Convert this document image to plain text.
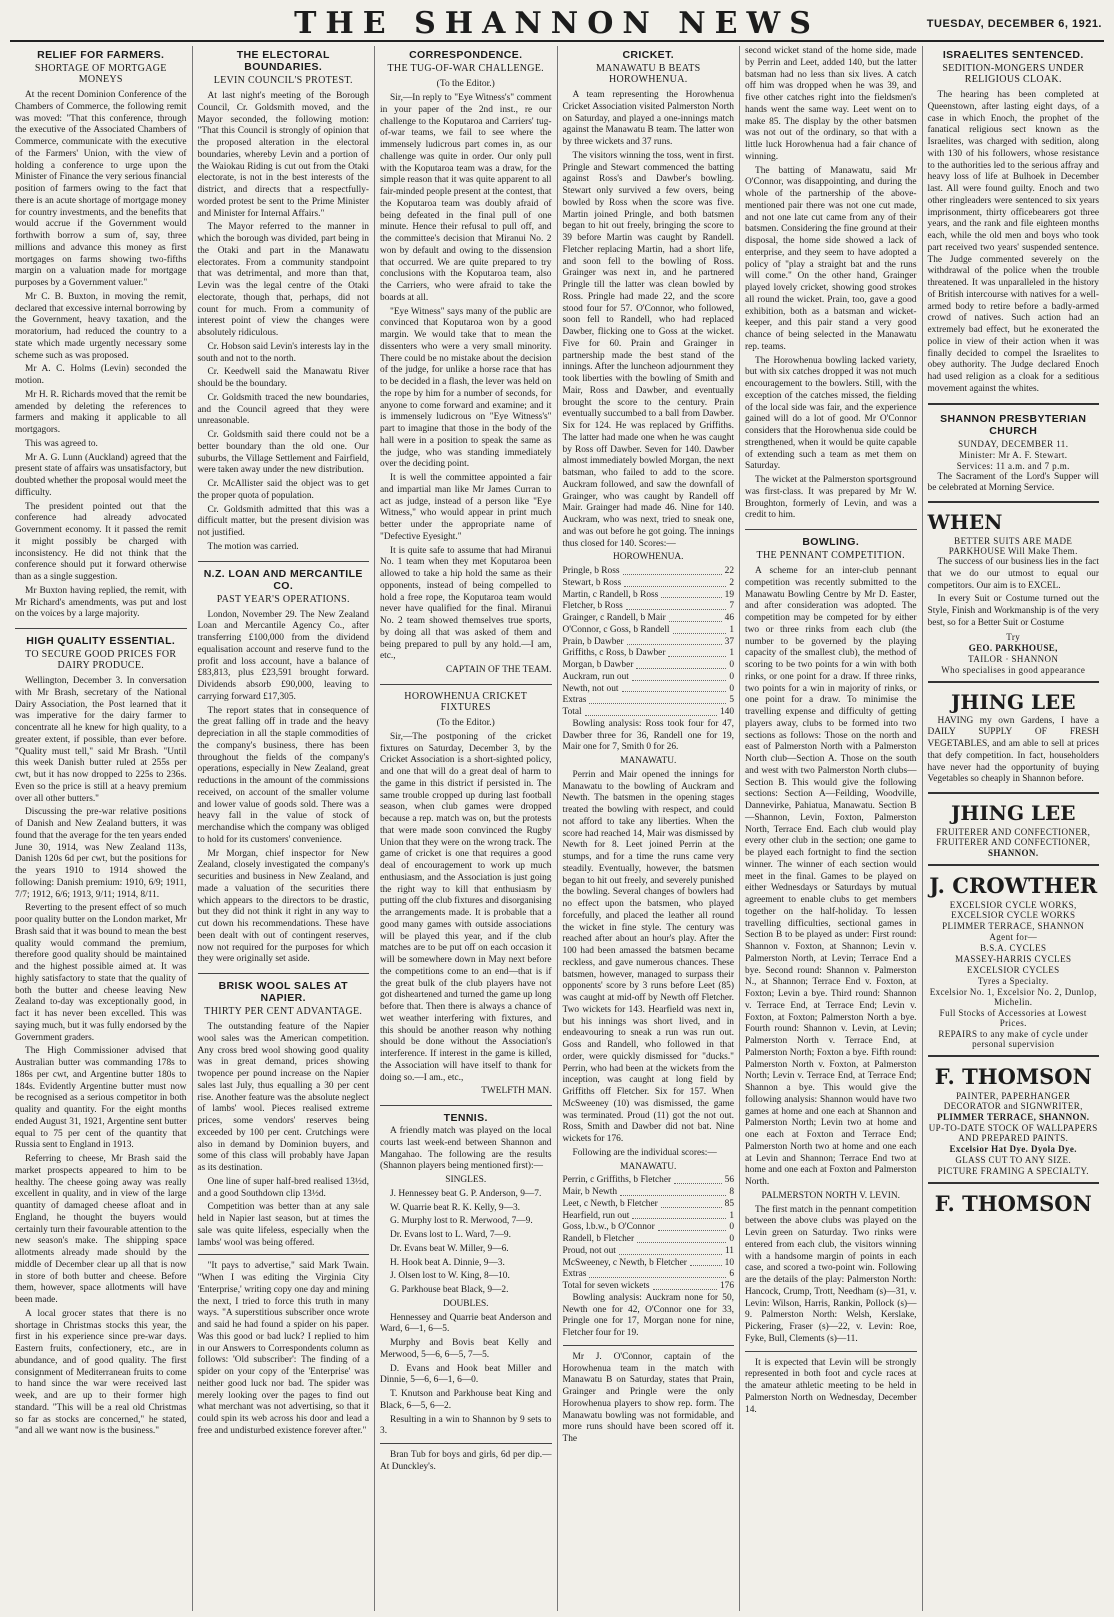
THE SHANNON NEWS	TUESDAY, DECEMBER 6, 1921.
RELIEF FOR FARMERS.
SHORTAGE OF MORTGAGE MONEYS

At the recent Dominion Conference of the Chambers of Commerce, the following remit was moved: "That this conference, through the executive of the Associated Chambers of Commerce, communicate with the executive of the Farmers' Union, with the view of holding a conference to urge upon the Minister of Finance the very serious financial position of farmers owing to the fact that there is an acute shortage of mortgage money for country investments, and the benefits that would accrue if the Government would forthwith borrow a sum of, say, three millions and advance this money as first mortgages on farms showing two-fifths margin on a valuation made for mortgage purposes by a Government valuer."

Mr C. B. Buxton, in moving the remit, declared that excessive internal borrowing by the Government, heavy taxation, and the moratorium, had reduced the country to a state which made urgently necessary some scheme such as was proposed.

Mr A. C. Holms (Levin) seconded the motion.

Mr H. R. Richards moved that the remit be amended by deleting the references to farmers and making it applicable to all mortgagors.

This was agreed to.

Mr A. G. Lunn (Auckland) agreed that the present state of affairs was unsatisfactory, but doubted whether the proposal would meet the difficulty.

The president pointed out that the conference had already advocated Government economy. It it passed the remit it might possibly be charged with inconsistency. He did not think that the conference should put it forward otherwise than as a single suggestion.

Mr Buxton having replied, the remit, with Mr Richard's amendments, was put and lost on the voices by a large majority.

HIGH QUALITY ESSENTIAL.
TO SECURE GOOD PRICES FOR DAIRY PRODUCE.

Wellington, December 3. In conversation with Mr Brash, secretary of the National Dairy Association, the Post learned that it was imperative for the dairy farmer to concentrate all he knew for high quality, to a greater extent, if possible, than ever before. "Quality must tell," said Mr Brash. "Until this week Danish butter ruled at 255s per cwt, but it has now dropped to 225s to 236s. Even so the price is still at a heavy premium over all other butters."

Discussing the pre-war relative positions of Danish and New Zealand butters, it was found that the average for the ten years ended June 30, 1914, was New Zealand 113s, Danish 120s 6d per cwt, but the positions for the years 1910 to 1914 showed the following: Danish premium: 1910, 6/9; 1911, 7/7; 1912, 6/6; 1913, 9/11; 1914, 8/11.

Reverting to the present effect of so much poor quality butter on the London market, Mr Brash said that it was bound to mean the best quality would command the premium, therefore good quality should be maintained and the highest possible aimed at. It was highly satisfactory to state that the quality of both the butter and cheese leaving New Zealand to-day was exceptionally good, in fact it has never been excelled. This was saying much, but it was fully endorsed by the Government graders.

The High Commissioner advised that Australian butter was commanding 178s to 186s per cwt, and Argentine butter 180s to 184s. Evidently Argentine butter must now be recognised as a serious competitor in both quality and quantity. For the eight months ended August 31, 1921, Argentine sent butter equal to 75 per cent of the quantity that Russia sent to England in 1913.

Referring to cheese, Mr Brash said the market prospects appeared to him to be healthy. The cheese going away was really excellent in quality, and in view of the large quantity of damaged cheese afloat and in England, he thought the buyers would certainly turn their favourable attention to the new season's make. The shipping space allotments already made should by the middle of December clear up all that is now in store of both butter and cheese. Before them, however, space allotments will have been made.

A local grocer states that there is no shortage in Christmas stocks this year, the first in his experience since pre-war days. Eastern fruits, confectionery, etc., are in abundance, and of good quality. The first consignment of Mediterranean fruits to come to hand since the war were received last week, and are up to their former high standard. "This will be a real old Christmas so far as stocks are concerned," he stated, "and all we want now is the business."

THE ELECTORAL BOUNDARIES.
LEVIN COUNCIL'S PROTEST.

At last night's meeting of the Borough Council, Cr. Goldsmith moved, and the Mayor seconded, the following motion: "That this Council is strongly of opinion that the proposed alteration in the electoral boundaries, whereby Levin and a portion of the Waiokau Riding is cut out from the Otaki electorate, is not in the best interests of the district, and directs that a respectfully-worded protest be sent to the Prime Minister and Minister for Internal Affairs."

The Mayor referred to the manner in which the borough was divided, part being in the Otaki and part in the Manawatu electorates. From a community standpoint that was detrimental, and more than that, Levin was the legal centre of the Otaki electorate, though that, perhaps, did not count for much. From a community of interest point of view the changes were absolutely ridiculous.

Cr. Hobson said Levin's interests lay in the south and not to the north.

Cr. Keedwell said the Manawatu River should be the boundary.

Cr. Goldsmith traced the new boundaries, and the Council agreed that they were unreasonable.

Cr. Goldsmith said there could not be a better boundary than the old one. Our suburbs, the Village Settlement and Fairfield, were taken away under the new distribution.

Cr. McAllister said the object was to get the proper quota of population.

Cr. Goldsmith admitted that this was a difficult matter, but the present division was not justified.

The motion was carried.

N.Z. LOAN AND MERCANTILE CO.
PAST YEAR'S OPERATIONS.

London, November 29. The New Zealand Loan and Mercantile Agency Co., after transferring £100,000 from the dividend equalisation account and reserve fund to the profit and loss account, have a balance of £83,813, plus £23,591 brought forward. Dividends absorb £90,000, leaving to carrying forward £17,305.

The report states that in consequence of the great falling off in trade and the heavy depreciation in all the staple commodities of the company's business, there has been throughout the fields of the company's operations, especially in New Zealand, great reductions in the amount of the commissions received, on account of the smaller volume and lower value of goods sold. There was a heavy fall in the value of stock of merchandise which the company was obliged to hold for its customers' convenience.

Mr Morgan, chief inspector for New Zealand, closely investigated the company's securities and business in New Zealand, and made a valuation of the securities there which appears to the directors to be drastic, but they did not think it right in any way to cut down his recommendations. These have been dealt with out of contingent reserves, now not required for the purposes for which they were originally set aside.

BRISK WOOL SALES AT NAPIER.
THIRTY PER CENT ADVANTAGE.

The outstanding feature of the Napier wool sales was the American competition. Any cross bred wool showing good quality was in great demand, prices showing twopence per pound increase on the Napier sales last July, thus equalling a 30 per cent rise. Another feature was the absolute neglect of lambs' wool. Pieces realised extreme prices, some vendors' reserves being exceeded by 100 per cent. Crutchings were also in demand by Dominion buyers, and some of this class will probably have Japan as its destination.

One line of super half-bred realised 13½d, and a good Southdown clip 13½d.

Competition was better than at any sale held in Napier last season, but at times the sale was quite lifeless, especially when the lambs' wool was being offered.

"It pays to advertise," said Mark Twain. "When I was editing the Virginia City 'Enterprise,' writing copy one day and mining the next, I tried to force this truth in many ways. "A superstitious subscriber once wrote and said he had found a spider on his paper. Was this good or bad luck? I replied to him in our Answers to Correspondents column as follows: 'Old subscriber': The finding of a spider on your copy of the 'Enterprise' was neither good luck nor bad. The spider was merely looking over the pages to find out what merchant was not advertising, so that it could spin its web across his door and lead a free and undisturbed existence forever after."

CORRESPONDENCE.
THE TUG-OF-WAR CHALLENGE.
(To the Editor.)

Sir,—In reply to "Eye Witness's" comment in your paper of the 2nd inst., re our challenge to the Koputaroa and Carriers' tug-of-war teams, we fail to see where the immensely ludicrous part comes in, as our challenge was quite in order. Our only pull with the Koputaroa team was a draw, for the simple reason that it was quite apparent to all fair-minded people present at the contest, that the Koputaroa team was doubly afraid of being defeated in the final pull of one minute. Hence their refusal to pull off, and the committee's decision that Miranui No. 2 won by default and owing to the dissension that occurred. We are quite prepared to try conclusions with the Koputaroa team, also the Carriers, who were afraid to take the boards at all.

"Eye Witness" says many of the public are convinced that Koputaroa won by a good margin. We would take that to mean the dissenters who were a very small minority. There could be no mistake about the decision of the judge, for unlike a horse race that has to be decided in a flash, the lever was held on the rope by him for a number of seconds, for anyone to come forward and examine; and it is immensely ludicrous on "Eye Witness's" part to imagine that those in the body of the hall were in a position to speak the same as the judge, who was standing immediately over the deciding point.

It is well the committee appointed a fair and impartial man like Mr James Curran to act as judge, instead of a person like "Eye Witness," who would appear in print much better under the appropriate name of "Defective Eyesight."

It is quite safe to assume that had Miranui No. 1 team when they met Koputaroa been allowed to take a hip hold the same as their opponents, instead of being compelled to hold a free rope, the Koputaroa team would never have qualified for the final. Miranui No. 2 team showed themselves true sports, by doing all that was asked of them and being prepared to pull by any hold.—I am, etc.,

CAPTAIN OF THE TEAM.

HOROWHENUA CRICKET FIXTURES
(To the Editor.)

Sir,—The postponing of the cricket fixtures on Saturday, December 3, by the Cricket Association is a short-sighted policy, and one that will do a great deal of harm to the game in this district if persisted in. The same trouble cropped up during last football season, when club games were dropped because a rep. match was on, but the protests that were made soon convinced the Rugby Union that they were on the wrong track. The game of cricket is one that requires a good deal of encouragement to work up much enthusiasm, and the Association is just going the right way to kill that enthusiasm by putting off the club fixtures and disorganising the arrangements made. It is probable that a good many games with outside associations will be played this year, and if the club matches are to be put off on each occasion it will be somewhere down in May next before the competitions come to an end—that is if the great bulk of the club players have not got disheartened and turned the game up long before that. Then there is always a chance of wet weather interfering with fixtures, and this should be another reason why nothing should be done without the Association's interference. If interest in the game is killed, the Association will have itself to thank for doing so.—I am., etc.,

TWELFTH MAN.

TENNIS.

A friendly match was played on the local courts last week-end between Shannon and Mangahao. The following are the results (Shannon players being mentioned first):—

SINGLES.

J. Hennessey beat G. P. Anderson, 9—7.

W. Quarrie beat R. K. Kelly, 9—3.

G. Murphy lost to R. Merwood, 7—9.

Dr. Evans lost to L. Ward, 7—9.

Dr. Evans beat W. Miller, 9—6.

H. Hook beat A. Dinnie, 9—3.

J. Olsen lost to W. King, 8—10.

G. Parkhouse beat Black, 9—2.

DOUBLES.

Hennessey and Quarrie beat Anderson and Ward, 6—1, 6—5.

Murphy and Bovis beat Kelly and Merwood, 5—6, 6—5, 7—5.

D. Evans and Hook beat Miller and Dinnie, 5—6, 6—1, 6—0.

T. Knutson and Parkhouse beat King and Black, 6—5, 6—2.

Resulting in a win to Shannon by 9 sets to 3.

Bran Tub for boys and girls, 6d per dip.—At Dunckley's.

CRICKET.
MANAWATU B BEATS HOROWHENUA.

A team representing the Horowhenua Cricket Association visited Palmerston North on Saturday, and played a one-innings match against the Manawatu B team. The latter won by three wickets and 37 runs.

The visitors winning the toss, went in first. Pringle and Stewart commenced the batting against Ross's and Dawber's bowling. Stewart only survived a few overs, being bowled by Ross when the score was five. Martin joined Pringle, and both batsmen began to hit out freely, bringing the score to 39 before Martin was caught by Randell. Fletcher replacing Martin, had a short life, and soon fell to the bowling of Ross. Grainger was next in, and he partnered Pringle till the latter was clean bowled by Ross. Pringle had made 22, and the score stood four for 57. O'Connor, who followed, soon fell to Randell, who had replaced Dawber, flicking one to Goss at the wicket. Five for 60. Prain and Grainger in partnership made the best stand of the innings. After the luncheon adjournment they took liberties with the bowling of Smith and Mair, Ross and Dawber, and eventually brought the score to the century. Prain eventually succumbed to a ball from Dawber. Six for 124. He was replaced by Griffiths. The latter had made one when he was caught by Ross off Dawber. Seven for 140. Dawber almost immediately bowled Morgan, the next batsman, who failed to add to the score. Auckram followed, and saw the downfall of Grainger, who was caught by Randell off Mair. Grainger had made 46. Nine for 140. Auckram, who was next, tried to sneak one, and was out before he got going. The innings thus closed for 140. Scores:—

HOROWHENUA.

Pringle, b Ross	22
Stewart, b Ross	2
Martin, c Randell, b Ross	19
Fletcher, b Ross	7
Grainger, c Randell, b Mair	46
O'Connor, c Goss, b Randell	1
Prain, b Dawber	37
Griffiths, c Ross, b Dawber	1
Morgan, b Dawber	0
Auckram, run out	0
Newth, not out	0
Extras	5
Total	140

Bowling analysis: Ross took four for 47, Dawber three for 36, Randell one for 19, Mair one for 7, Smith 0 for 26.

MANAWATU.

Perrin and Mair opened the innings for Manawatu to the bowling of Auckram and Newth. The batsmen in the opening stages treated the bowling with respect, and could not afford to take any liberties. When the score had reached 14, Mair was dismissed by Newth for 8. Leet joined Perrin at the stumps, and for a time the runs came very steadily. Eventually, however, the batsmen began to hit out freely, and severely punished the bowling. Several changes of bowlers had no effect upon the batsmen, who played forcefully, and placed the leather all round the wicket in fine style. The century was reached after about an hour's play. After the 100 had been amassed the batsmen became reckless, and gave numerous chances. These batsmen, however, managed to surpass their opponents' score by 3 runs before Leet (85) was caught at mid-off by Newth off Fletcher. Two wickets for 143. Hearfield was next in, but his innings was short lived, and in endeavouring to sneak a run was run out. Goss and Randell, who followed in that order, were quickly dismissed for "ducks." Perrin, who had been at the wickets from the inception, was caught at long field by Griffiths off Fletcher. Six for 157. When McSweeney (10) was dismissed, the game was terminated. Proud (11) got the not out. Ross, Smith and Dawber did not bat. Nine wickets for 176.

Following are the individual scores:—

MANAWATU.

Perrin, c Griffiths, b Fletcher	56
Mair, b Newth	8
Leet, c Newth, b Fletcher	85
Hearfield, run out	1
Goss, l.b.w., b O'Connor	0
Randell, b Fletcher	0
Proud, not out	11
McSweeney, c Newth, b Fletcher	10
Extras	6
Total for seven wickets	176

Bowling analysis: Auckram none for 50, Newth one for 42, O'Connor one for 33, Pringle one for 17, Morgan none for nine, Fletcher four for 19.

Mr J. O'Connor, captain of the Horowhenua team in the match with Manawatu B on Saturday, states that Prain, Grainger and Pringle were the only Horowhenua players to show rep. form. The Manawatu bowling was not formidable, and more runs should have been scored off it. The

second wicket stand of the home side, made by Perrin and Leet, added 140, but the latter batsman had no less than six lives. A catch off him was dropped when he was 39, and five other catches right into the fieldsmen's hands went the same way. Leet went on to make 85. The display by the other batsmen was not out of the ordinary, so that with a little luck Horowhenua had a fair chance of winning.

The batting of Manawatu, said Mr O'Connor, was disappointing, and during the whole of the partnership of the above-mentioned pair there was not one cut made, and not one late cut came from any of their batsmen. Considering the fine ground at their disposal, the home side showed a lack of enterprise, and they seem to have adopted a policy of "play a straight bat and the runs will come." On the other hand, Grainger played lovely cricket, showing good strokes all round the wicket. Prain, too, gave a good exhibition, both as a batsman and wicket-keeper, and this pair stand a very good chance of being selected in the Manawatu rep. teams.

The Horowhenua bowling lacked variety, but with six catches dropped it was not much encouragement to the bowlers. Still, with the exception of the catches missed, the fielding of the local side was fair, and the experience gained will do a lot of good. Mr O'Connor considers that the Horowhenua side could be strengthened, when it would be quite capable of extending such a team as met them on Saturday.

The wicket at the Palmerston sportsground was first-class. It was prepared by Mr W. Broughton, formerly of Levin, and was a credit to him.

BOWLING.
THE PENNANT COMPETITION.

A scheme for an inter-club pennant competition was recently submitted to the Manawatu Bowling Centre by Mr D. Easter, and after consideration was adopted. The competition may be competed for by either two or three rinks from each club (the number to be governed by the playing capacity of the smallest club), the method of scoring to be two points for a win with both rinks, or one point for a draw. If three rinks, two points for a win in majority of rinks, or one point for a draw. To minimise the travelling expense and difficulty of getting players away, clubs to be formed into two sections as follows: Those on the north and east of Palmerston North with a Palmerston North club—Section A. Those on the south and west with two Palmerston North clubs—Section B. This would give the following sections: Section A—Feilding, Woodville, Dannevirke, Pahiatua, Manawatu. Section B—Shannon, Levin, Foxton, Palmerston North, Terrace End. Each club would play every other club in the section; one game to be played each fortnight to find the section winner. The winner of each section would meet in the final. Games to be played on either Wednesdays or Saturdays by mutual agreement to enable clubs to get members together on the half-holiday. To lessen travelling difficulties, sectional games in Section B to be played as under: First round: Shannon v. Foxton, at Shannon; Levin v. Palmerston North, at Levin; Terrace End a bye. Second round: Shannon v. Palmerston N., at Shannon; Terrace End v. Foxton, at Foxton; Levin a bye. Third round: Shannon v. Terrace End, at Terrace End; Levin v. Foxton, at Foxton; Palmerston North a bye. Fourth round: Shannon v. Levin, at Levin; Palmerston North v. Terrace End, at Palmerston North; Foxton a bye. Fifth round: Palmerston North v. Foxton, at Palmerston North; Levin v. Terrace End, at Terrace End; Shannon a bye. This would give the following analysis: Shannon would have two games at home and one each at Shannon and Palmerston North; Levin two at home and one each at Foxton and Terrace End; Palmerston North two at home and one each at Levin and Shannon; Terrace End two at home and one each at Foxton and Palmerston North.

PALMERSTON NORTH V. LEVIN.

The first match in the pennant competition between the above clubs was played on the Levin green on Saturday. Two rinks were entered from each club, the visitors winning with a handsome margin of points in each case, and scored a two-point win. Following are the details of the play: Palmerston North: Hancock, Crump, Trott, Needham (s)—31, v. Levin: Wilson, Harris, Rankin, Pollock (s)—9. Palmerston North: Welsh, Kerslake, Pickering, Fraser (s)—22, v. Levin: Roe, Fyke, Bull, Clements (s)—11.

It is expected that Levin will be strongly represented in both foot and cycle races at the amateur athletic meeting to be held in Palmerston North on Wednesday, December 14.

ISRAELITES SENTENCED.
SEDITION-MONGERS UNDER RELIGIOUS CLOAK.

The hearing has been completed at Queenstown, after lasting eight days, of a case in which Enoch, the prophet of the fanatical religious sect known as the Israelites, was charged with sedition, along with 130 of his followers, whose resistance to the authorities led to the serious affray and heavy loss of life at Bulhoek in December last. All were found guilty. Enoch and two other ringleaders were sentenced to six years imprisonment, thirty officebearers got three years, and the rank and file eighteen months each, while the old men and boys who took part received two years' suspended sentence. The Judge commented severely on the withdrawal of the police when the trouble threatened. It was unparalleled in the history of British intercourse with natives for a well-armed body to retire before a badly-armed crowd of natives. Such action had an extremely bad effect, but he exonerated the police in view of their action when it was finally decided to compel the Israelites to obey authority. The Judge declared Enoch had used religion as a cloak for a seditious movement against the whites.

SHANNON PRESBYTERIAN CHURCH
SUNDAY, DECEMBER 11.
Minister: Mr A. F. Stewart.
Services: 11 a.m. and 7 p.m.

The Sacrament of the Lord's Supper will be celebrated at Morning Service.

WHEN
BETTER SUITS ARE MADE PARKHOUSE Will Make Them.

The success of our business lies in the fact that we do our utmost to equal our competitors. Our aim is to EXCEL.

In every Suit or Costume turned out the Style, Finish and Workmanship is of the very best, so for a Better Suit or Costume

Try
GEO. PARKHOUSE,
TAILOR · SHANNON
Who specialises in good appearance
JHING LEE

HAVING my own Gardens, I have a DAILY SUPPLY OF FRESH VEGETABLES, and am able to sell at prices that defy competition. In fact, householders have never had the opportunity of buying Vegetables so cheaply in Shannon before.

JHING LEE
FRUITERER AND CONFECTIONER, FRUITERER AND CONFECTIONER,
SHANNON.
J. CROWTHER
EXCELSIOR CYCLE WORKS, EXCELSIOR CYCLE WORKS
PLIMMER TERRACE, SHANNON
Agent for—
B.S.A. CYCLES
MASSEY-HARRIS CYCLES
EXCELSIOR CYCLES
Tyres a Specialty.
Excelsior No. 1, Excelsior No. 2, Dunlop, Michelin.
Full Stocks of Accessories at Lowest Prices.
REPAIRS to any make of cycle under personal supervision
F. THOMSON
PAINTER, PAPERHANGER DECORATOR and SIGNWRITER,
PLIMMER TERRACE, SHANNON.
UP-TO-DATE STOCK OF WALLPAPERS AND PREPARED PAINTS.
Excelsior Hat Dye. Dyola Dye.
GLASS CUT TO ANY SIZE.
PICTURE FRAMING A SPECIALTY.
F. THOMSON
